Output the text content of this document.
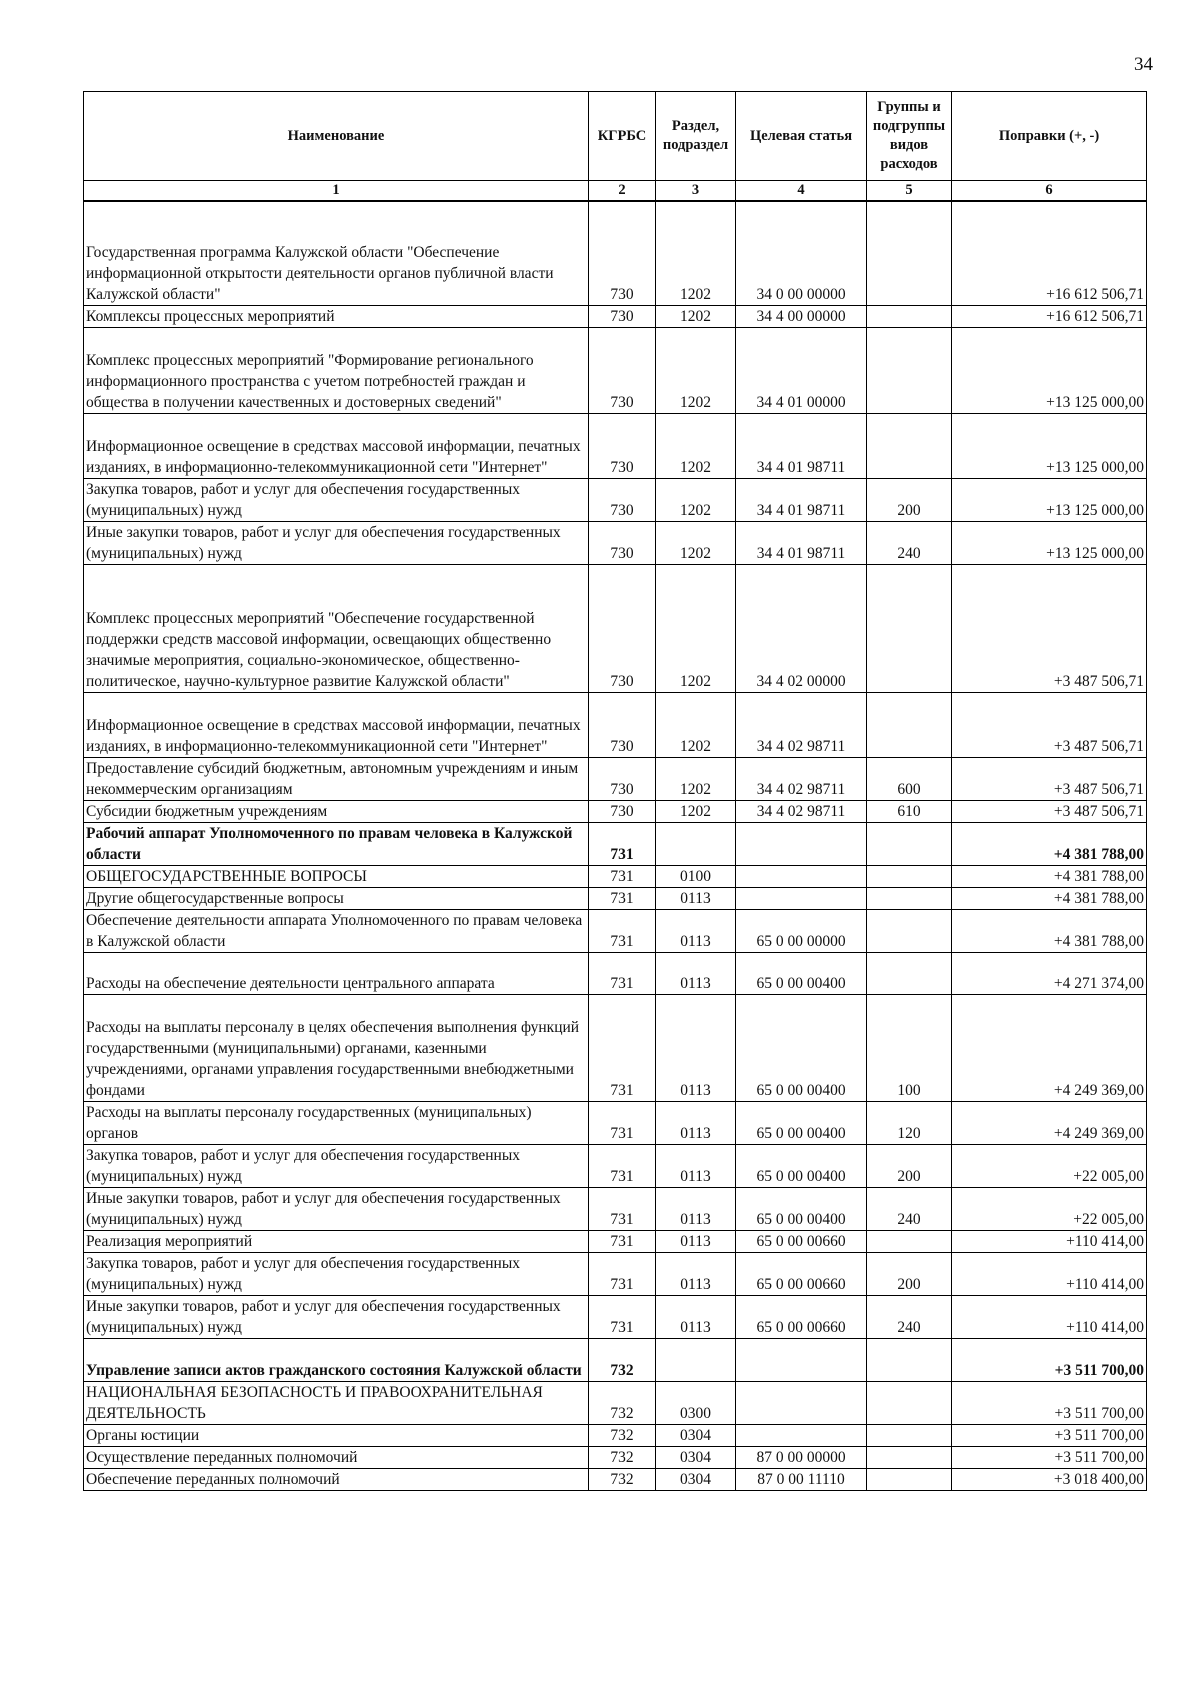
34
Наименование	КГРБС	Раздел, подраздел	Целевая статья	Группы и подгруппы видов расходов	Поправки (+, -)
1	2	3	4	5	6
Государственная программа Калужской области "Обеспечение информационной открытости деятельности органов публичной власти Калужской области"	730	1202	34 0 00 00000		+16 612 506,71
Комплексы процессных мероприятий	730	1202	34 4 00 00000		+16 612 506,71
Комплекс процессных мероприятий "Формирование регионального информационного пространства с учетом потребностей граждан и общества в получении качественных и достоверных сведений"	730	1202	34 4 01 00000		+13 125 000,00
Информационное освещение в средствах массовой информации, печатных изданиях, в информационно-телекоммуникационной сети "Интернет"	730	1202	34 4 01 98711		+13 125 000,00
Закупка товаров, работ и услуг для обеспечения государственных (муниципальных) нужд	730	1202	34 4 01 98711	200	+13 125 000,00
Иные закупки товаров, работ и услуг для обеспечения государственных (муниципальных) нужд	730	1202	34 4 01 98711	240	+13 125 000,00
Комплекс процессных мероприятий "Обеспечение государственной поддержки средств массовой информации, освещающих общественно значимые мероприятия, социально-экономическое, общественно-политическое, научно-культурное развитие Калужской области"	730	1202	34 4 02 00000		+3 487 506,71
Информационное освещение в средствах массовой информации, печатных изданиях, в информационно-телекоммуникационной сети "Интернет"	730	1202	34 4 02 98711		+3 487 506,71
Предоставление субсидий бюджетным, автономным учреждениям и иным некоммерческим организациям	730	1202	34 4 02 98711	600	+3 487 506,71
Субсидии бюджетным учреждениям	730	1202	34 4 02 98711	610	+3 487 506,71
Рабочий аппарат Уполномоченного по правам человека в Калужской области	731				+4 381 788,00
ОБЩЕГОСУДАРСТВЕННЫЕ ВОПРОСЫ	731	0100			+4 381 788,00
Другие общегосударственные вопросы	731	0113			+4 381 788,00
Обеспечение деятельности аппарата Уполномоченного по правам человека в Калужской области	731	0113	65 0 00 00000		+4 381 788,00
Расходы на обеспечение деятельности центрального аппарата	731	0113	65 0 00 00400		+4 271 374,00
Расходы на выплаты персоналу в целях обеспечения выполнения функций государственными (муниципальными) органами, казенными учреждениями, органами управления государственными внебюджетными фондами	731	0113	65 0 00 00400	100	+4 249 369,00
Расходы на выплаты персоналу государственных (муниципальных) органов	731	0113	65 0 00 00400	120	+4 249 369,00
Закупка товаров, работ и услуг для обеспечения государственных (муниципальных) нужд	731	0113	65 0 00 00400	200	+22 005,00
Иные закупки товаров, работ и услуг для обеспечения государственных (муниципальных) нужд	731	0113	65 0 00 00400	240	+22 005,00
Реализация мероприятий	731	0113	65 0 00 00660		+110 414,00
Закупка товаров, работ и услуг для обеспечения государственных (муниципальных) нужд	731	0113	65 0 00 00660	200	+110 414,00
Иные закупки товаров, работ и услуг для обеспечения государственных (муниципальных) нужд	731	0113	65 0 00 00660	240	+110 414,00
Управление записи актов гражданского состояния Калужской области	732				+3 511 700,00
НАЦИОНАЛЬНАЯ БЕЗОПАСНОСТЬ И ПРАВООХРАНИТЕЛЬНАЯ ДЕЯТЕЛЬНОСТЬ	732	0300			+3 511 700,00
Органы юстиции	732	0304			+3 511 700,00
Осуществление переданных полномочий	732	0304	87 0 00 00000		+3 511 700,00
Обеспечение переданных полномочий	732	0304	87 0 00 11110		+3 018 400,00
